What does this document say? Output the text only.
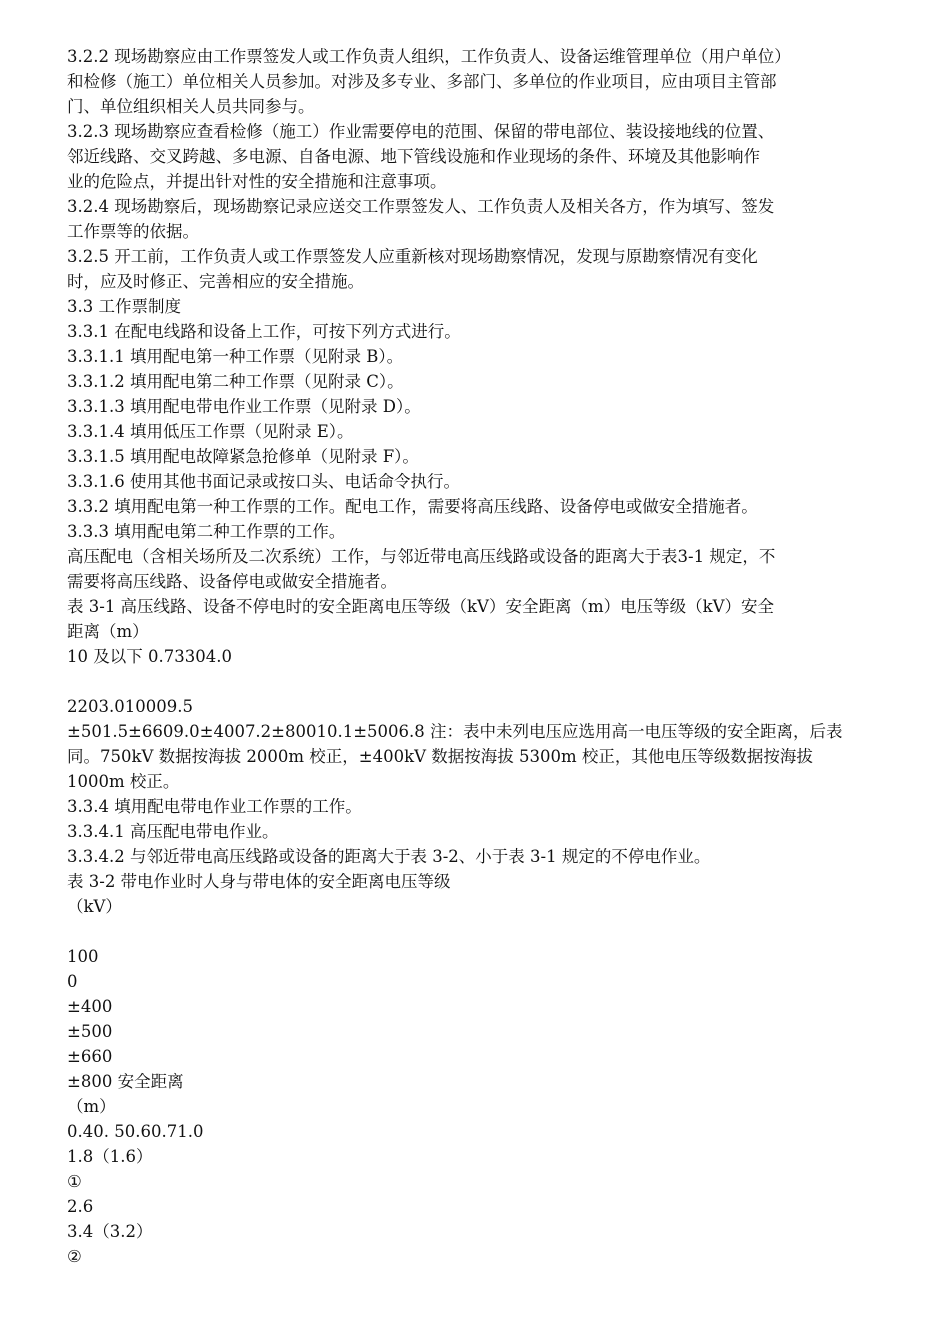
3.2.2 现场勘察应由工作票签发人或工作负责人组织，工作负责人、设备运维管理单位（用户单位）
和检修（施工）单位相关人员参加。对涉及多专业、多部门、多单位的作业项目，应由项目主管部
门、单位组织相关人员共同参与。
3.2.3 现场勘察应查看检修（施工）作业需要停电的范围、保留的带电部位、装设接地线的位置、
邻近线路、交叉跨越、多电源、自备电源、地下管线设施和作业现场的条件、环境及其他影响作
业的危险点，并提出针对性的安全措施和注意事项。
3.2.4 现场勘察后，现场勘察记录应送交工作票签发人、工作负责人及相关各方，作为填写、签发
工作票等的依据。
3.2.5 开工前，工作负责人或工作票签发人应重新核对现场勘察情况，发现与原勘察情况有变化
时，应及时修正、完善相应的安全措施。
3.3 工作票制度
3.3.1 在配电线路和设备上工作，可按下列方式进行。
3.3.1.1 填用配电第一种工作票（见附录 B）。
3.3.1.2 填用配电第二种工作票（见附录 C）。
3.3.1.3 填用配电带电作业工作票（见附录 D）。
3.3.1.4 填用低压工作票（见附录 E）。
3.3.1.5 填用配电故障紧急抢修单（见附录 F）。
3.3.1.6 使用其他书面记录或按口头、电话命令执行。
3.3.2 填用配电第一种工作票的工作。配电工作，需要将高压线路、设备停电或做安全措施者。
3.3.3 填用配电第二种工作票的工作。
高压配电（含相关场所及二次系统）工作，与邻近带电高压线路或设备的距离大于表3-1 规定，不
需要将高压线路、设备停电或做安全措施者。
表 3-1 高压线路、设备不停电时的安全距离电压等级（kV）安全距离（m）电压等级（kV）安全
距离（m）
10 及以下 0.73304.0
2203.010009.5
±501.5±6609.0±4007.2±80010.1±5006.8 注：表中未列电压应选用高一电压等级的安全距离，后表
同。750kV 数据按海拔 2000m 校正，±400kV 数据按海拔 5300m 校正，其他电压等级数据按海拔
1000m 校正。
3.3.4 填用配电带电作业工作票的工作。
3.3.4.1 高压配电带电作业。
3.3.4.2 与邻近带电高压线路或设备的距离大于表 3-2、小于表 3-1 规定的不停电作业。
表 3-2 带电作业时人身与带电体的安全距离电压等级
（kV）
100
0
±400
±500
±660
±800 安全距离
（m）
0.40. 50.60.71.0
1.8（1.6）
①
2.6
3.4（3.2）
②
